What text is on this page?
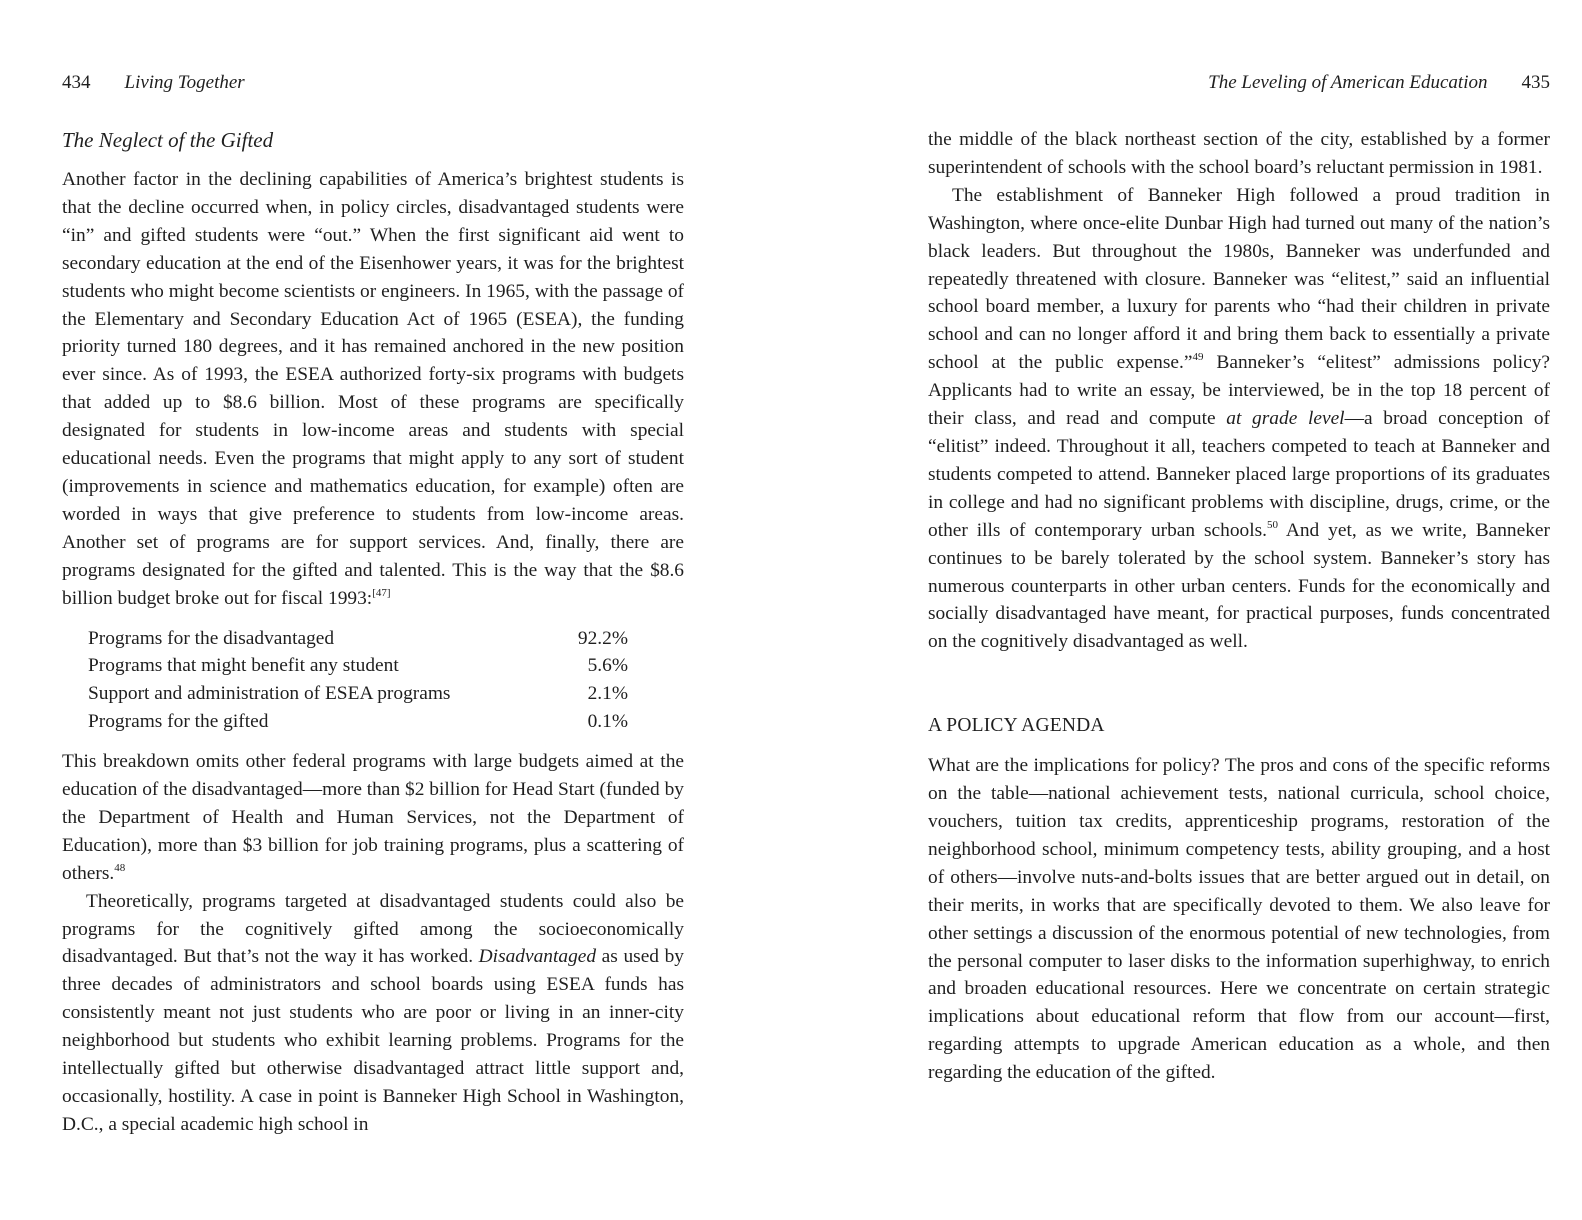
434 Living Together
The Neglect of the Gifted

Another factor in the declining capabilities of America’s brightest students is that the decline occurred when, in policy circles, disadvantaged students were “in” and gifted students were “out.” When the first significant aid went to secondary education at the end of the Eisenhower years, it was for the brightest students who might become scientists or engineers. In 1965, with the passage of the Elementary and Secondary Education Act of 1965 (ESEA), the funding priority turned 180 degrees, and it has remained anchored in the new position ever since. As of 1993, the ESEA authorized forty-six programs with budgets that added up to $8.6 billion. Most of these programs are specifically designated for students in low-income areas and students with special educational needs. Even the programs that might apply to any sort of student (improvements in science and mathematics education, for example) often are worded in ways that give preference to students from low-income areas. Another set of programs are for support services. And, finally, there are programs designated for the gifted and talented. This is the way that the $8.6 billion budget broke out for fiscal 1993:[47]

Programs for the disadvantaged	92.2%
Programs that might benefit any student	5.6%
Support and administration of ESEA programs	2.1%
Programs for the gifted	0.1%

This breakdown omits other federal programs with large budgets aimed at the education of the disadvantaged—more than $2 billion for Head Start (funded by the Department of Health and Human Services, not the Department of Education), more than $3 billion for job training programs, plus a scattering of others.$^{48}$

Theoretically, programs targeted at disadvantaged students could also be programs for the cognitively gifted among the socioeconomically disadvantaged. But that’s not the way it has worked. Disadvantaged as used by three decades of administrators and school boards using ESEA funds has consistently meant not just students who are poor or living in an inner-city neighborhood but students who exhibit learning problems. Programs for the intellectually gifted but otherwise disadvantaged attract little support and, occasionally, hostility. A case in point is Banneker High School in Washington, D.C., a special academic high school in

The Leveling of American Education 435

the middle of the black northeast section of the city, established by a former superintendent of schools with the school board’s reluctant permission in 1981.

The establishment of Banneker High followed a proud tradition in Washington, where once-elite Dunbar High had turned out many of the nation’s black leaders. But throughout the 1980s, Banneker was underfunded and repeatedly threatened with closure. Banneker was “elitest,” said an influential school board member, a luxury for parents who “had their children in private school and can no longer afford it and bring them back to essentially a private school at the public expense.”$^{49}$ Banneker’s “elitest” admissions policy? Applicants had to write an essay, be interviewed, be in the top 18 percent of their class, and read and compute at grade level—a broad conception of “elitist” indeed. Throughout it all, teachers competed to teach at Banneker and students competed to attend. Banneker placed large proportions of its graduates in college and had no significant problems with discipline, drugs, crime, or the other ills of contemporary urban schools.$^{50}$ And yet, as we write, Banneker continues to be barely tolerated by the school system. Banneker’s story has numerous counterparts in other urban centers. Funds for the economically and socially disadvantaged have meant, for practical purposes, funds concentrated on the cognitively disadvantaged as well.

A POLICY AGENDA

What are the implications for policy? The pros and cons of the specific reforms on the table—national achievement tests, national curricula, school choice, vouchers, tuition tax credits, apprenticeship programs, restoration of the neighborhood school, minimum competency tests, ability grouping, and a host of others—involve nuts-and-bolts issues that are better argued out in detail, on their merits, in works that are specifically devoted to them. We also leave for other settings a discussion of the enormous potential of new technologies, from the personal computer to laser disks to the information superhighway, to enrich and broaden educational resources. Here we concentrate on certain strategic implications about educational reform that flow from our account—first, regarding attempts to upgrade American education as a whole, and then regarding the education of the gifted.
